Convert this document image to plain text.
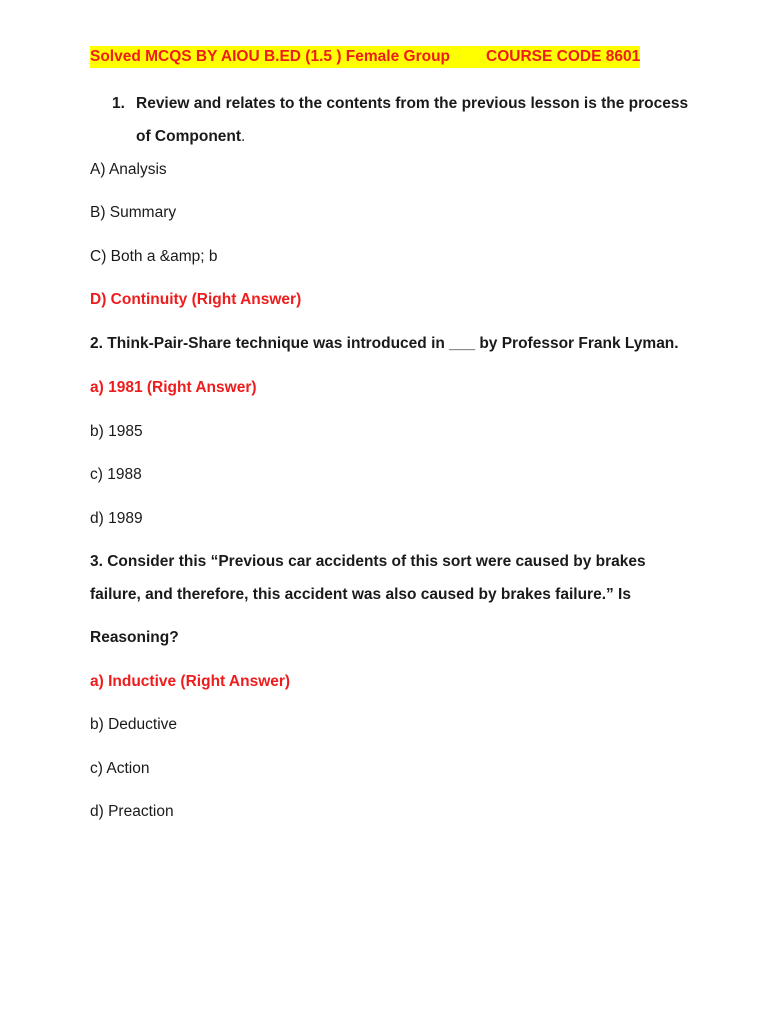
Solved MCQS BY AIOU B.ED (1.5 ) Female Group COURSE CODE 8601
1. Review and relates to the contents from the previous lesson is the process
of Component.
A) Analysis
B) Summary
C) Both a &amp; b
D) Continuity (Right Answer)
2. Think-Pair-Share technique was introduced in ___ by Professor Frank Lyman.
a) 1981 (Right Answer)
b) 1985
c) 1988
d) 1989
3. Consider this “Previous car accidents of this sort were caused by brakes
failure, and therefore, this accident was also caused by brakes failure.” Is
Reasoning?
a) Inductive (Right Answer)
b) Deductive
c) Action
d) Preaction
